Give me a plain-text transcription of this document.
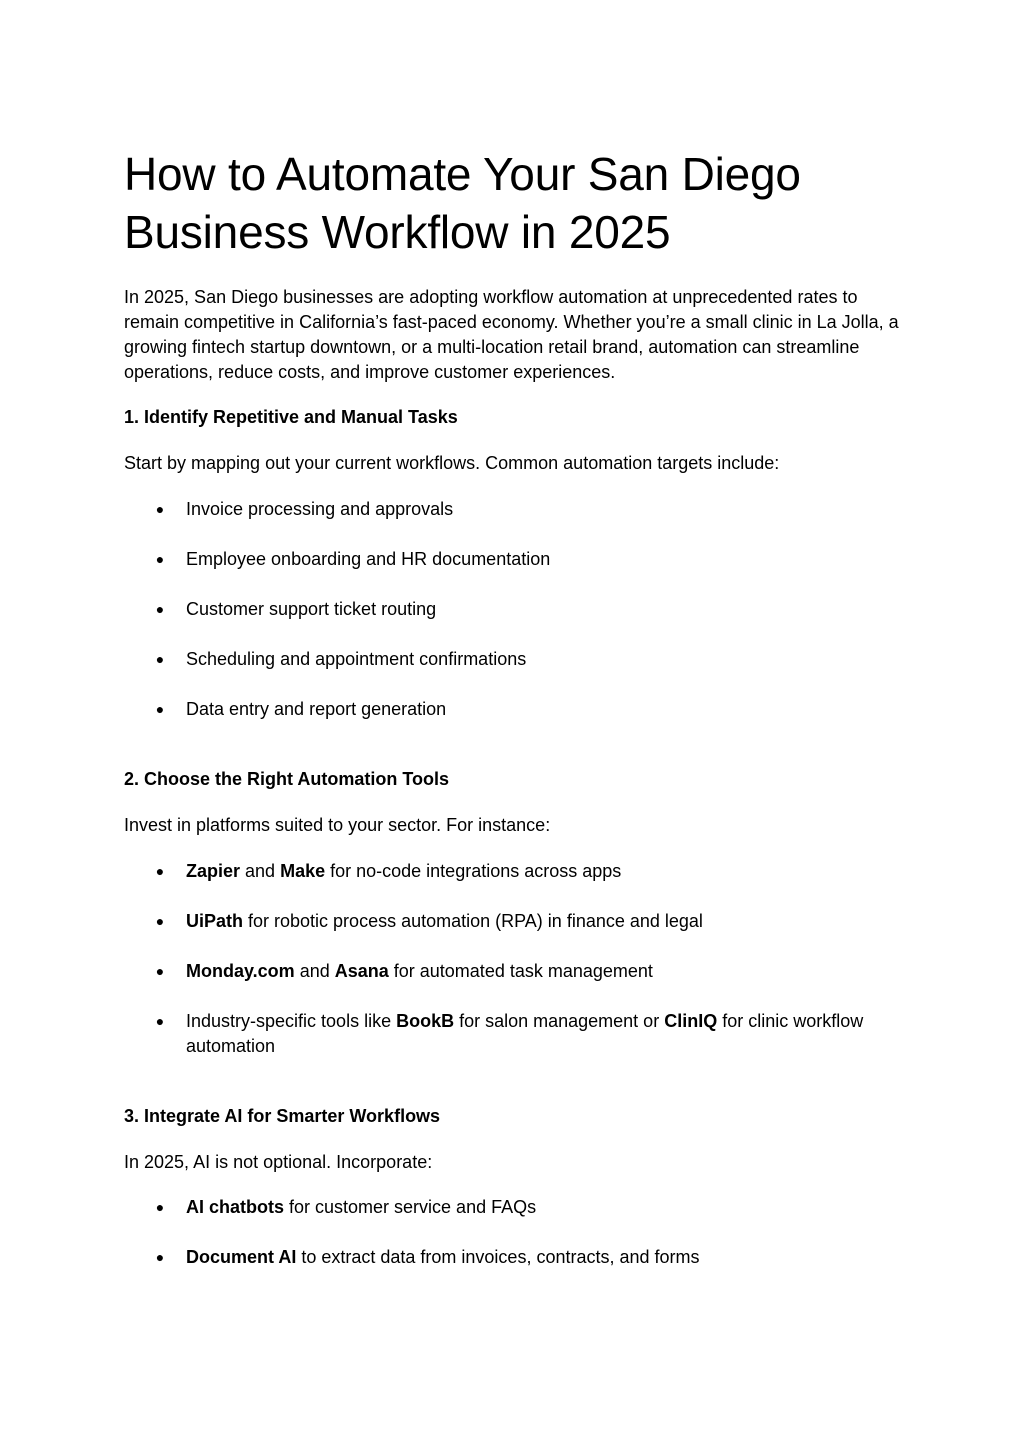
How to Automate Your San Diego
Business Workflow in 2025

In 2025, San Diego businesses are adopting workflow automation at unprecedented rates to remain competitive in California’s fast-paced economy. Whether you’re a small clinic in La Jolla, a growing fintech startup downtown, or a multi-location retail brand, automation can streamline operations, reduce costs, and improve customer experiences.

1. Identify Repetitive and Manual Tasks

Start by mapping out your current workflows. Common automation targets include:

●	Invoice processing and approvals
●	Employee onboarding and HR documentation
●	Customer support ticket routing
●	Scheduling and appointment confirmations
●	Data entry and report generation

2. Choose the Right Automation Tools

Invest in platforms suited to your sector. For instance:

●	Zapier and Make for no-code integrations across apps
●	UiPath for robotic process automation (RPA) in finance and legal
●	Monday.com and Asana for automated task management
●	Industry-specific tools like BookB for salon management or ClinIQ for clinic workflow automation

3. Integrate AI for Smarter Workflows

In 2025, AI is not optional. Incorporate:

●	AI chatbots for customer service and FAQs
●	Document AI to extract data from invoices, contracts, and forms
